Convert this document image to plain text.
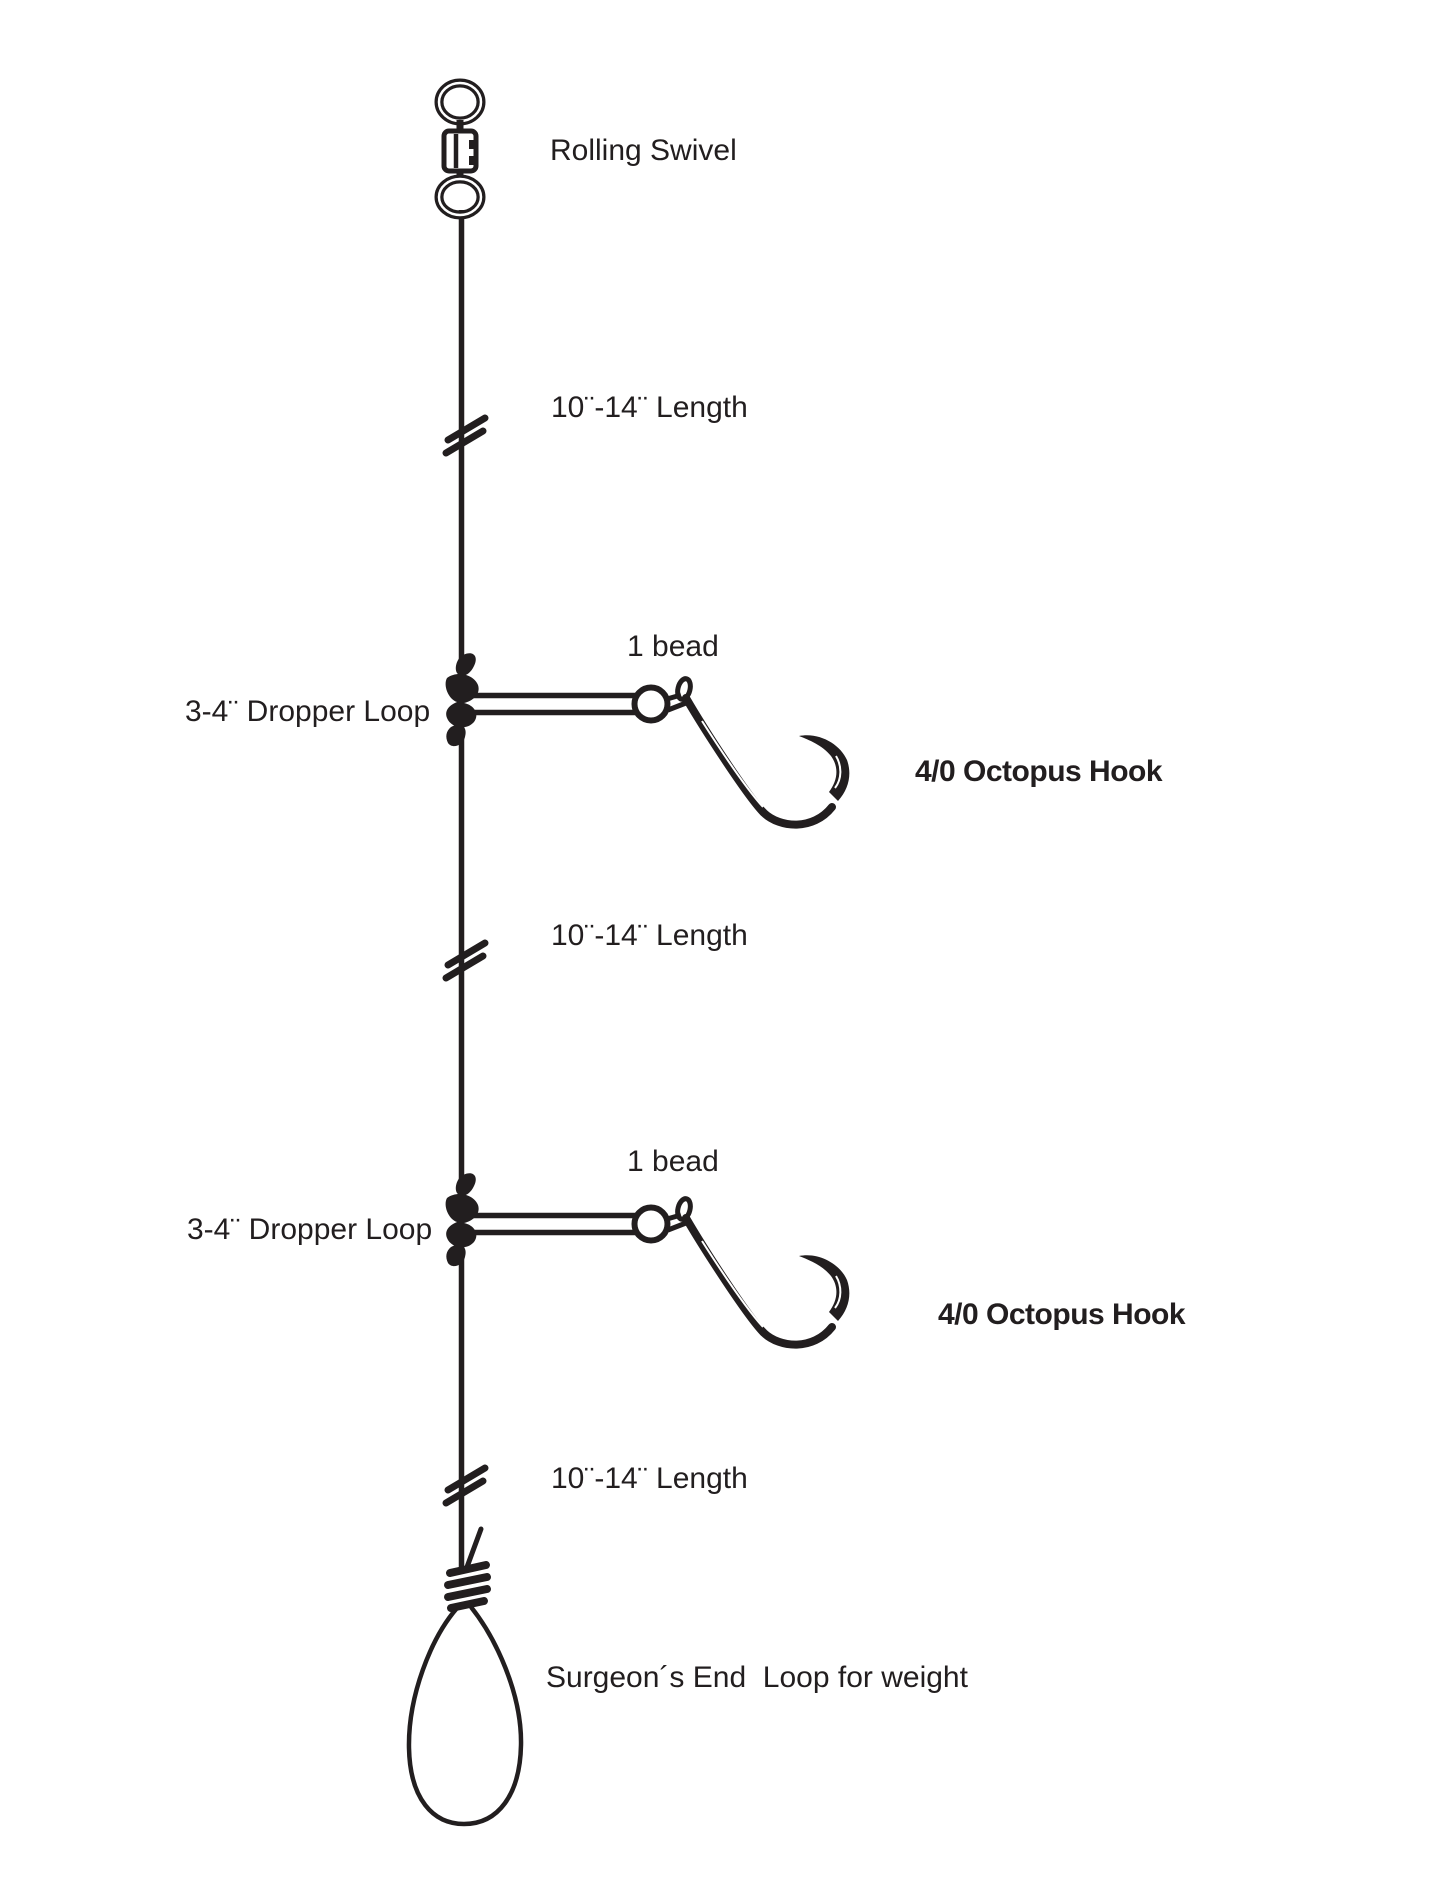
Rolling Swivel
10¨-14¨ Length
1 bead
3-4¨ Dropper Loop
4/0 Octopus Hook
10¨-14¨ Length
1 bead
3-4¨ Dropper Loop
4/0 Octopus Hook
10¨-14¨ Length
Surgeon´s End  Loop for weight
